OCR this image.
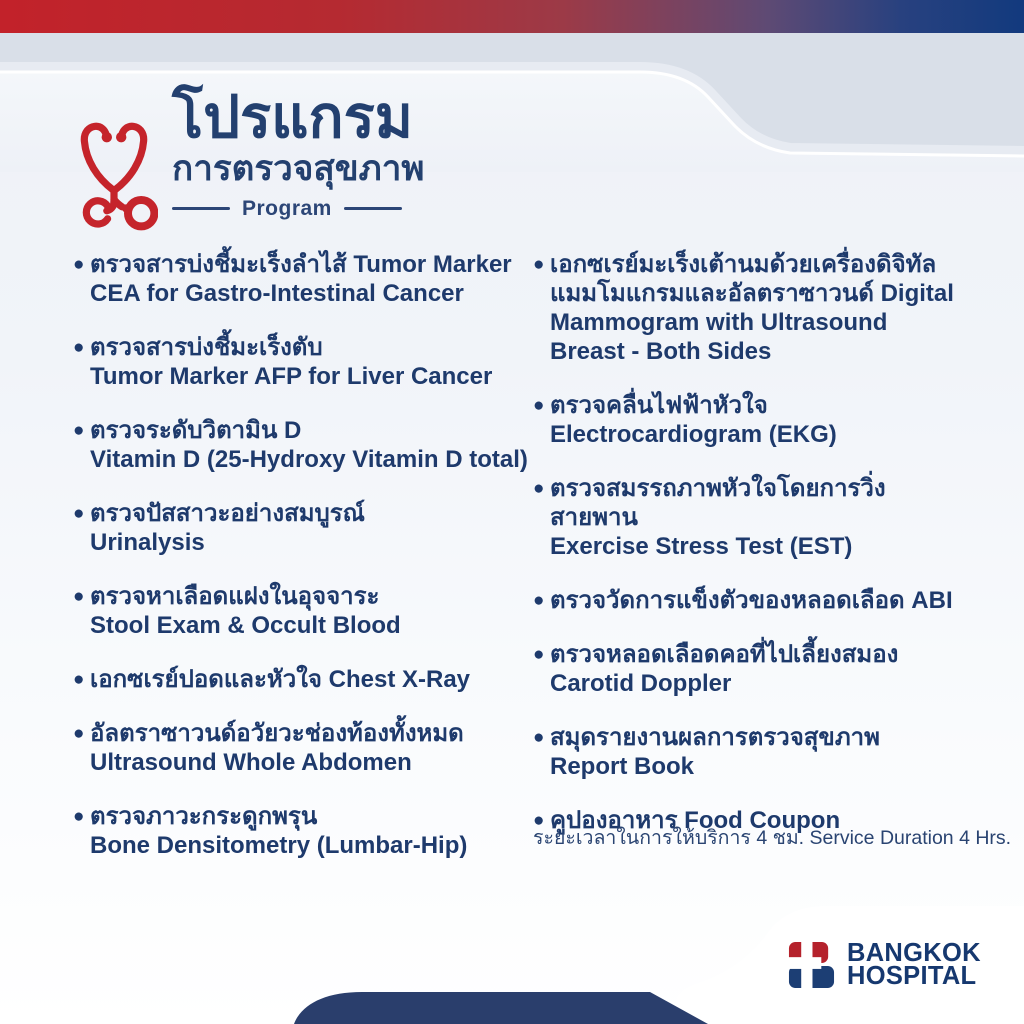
โปรแกรม
การตรวจสุขภาพ
Program
● ตรวจสารบ่งชี้มะเร็งลำไส้ Tumor Marker
CEA for Gastro-Intestinal Cancer
● ตรวจสารบ่งชี้มะเร็งตับ
Tumor Marker AFP for Liver Cancer
● ตรวจระดับวิตามิน D
Vitamin D (25-Hydroxy Vitamin D total)
● ตรวจปัสสาวะอย่างสมบูรณ์
Urinalysis
● ตรวจหาเลือดแฝงในอุจจาระ
Stool Exam & Occult Blood
● เอกซเรย์ปอดและหัวใจ Chest X-Ray
● อัลตราซาวนด์อวัยวะช่องท้องทั้งหมด
Ultrasound Whole Abdomen
● ตรวจภาวะกระดูกพรุน
Bone Densitometry (Lumbar-Hip)
● เอกซเรย์มะเร็งเต้านมด้วยเครื่องดิจิทัล
แมมโมแกรมและอัลตราซาวนด์ Digital
Mammogram with Ultrasound
Breast - Both Sides
● ตรวจคลื่นไฟฟ้าหัวใจ
Electrocardiogram (EKG)
● ตรวจสมรรถภาพหัวใจโดยการวิ่งสายพาน
Exercise Stress Test (EST)
● ตรวจวัดการแข็งตัวของหลอดเลือด ABI
● ตรวจหลอดเลือดคอที่ไปเลี้ยงสมอง
Carotid Doppler
● สมุดรายงานผลการตรวจสุขภาพ
Report Book
● คูปองอาหาร Food Coupon
ระยะเวลาในการให้บริการ 4 ชม. Service Duration 4 Hrs.
BANGKOK
HOSPITAL
